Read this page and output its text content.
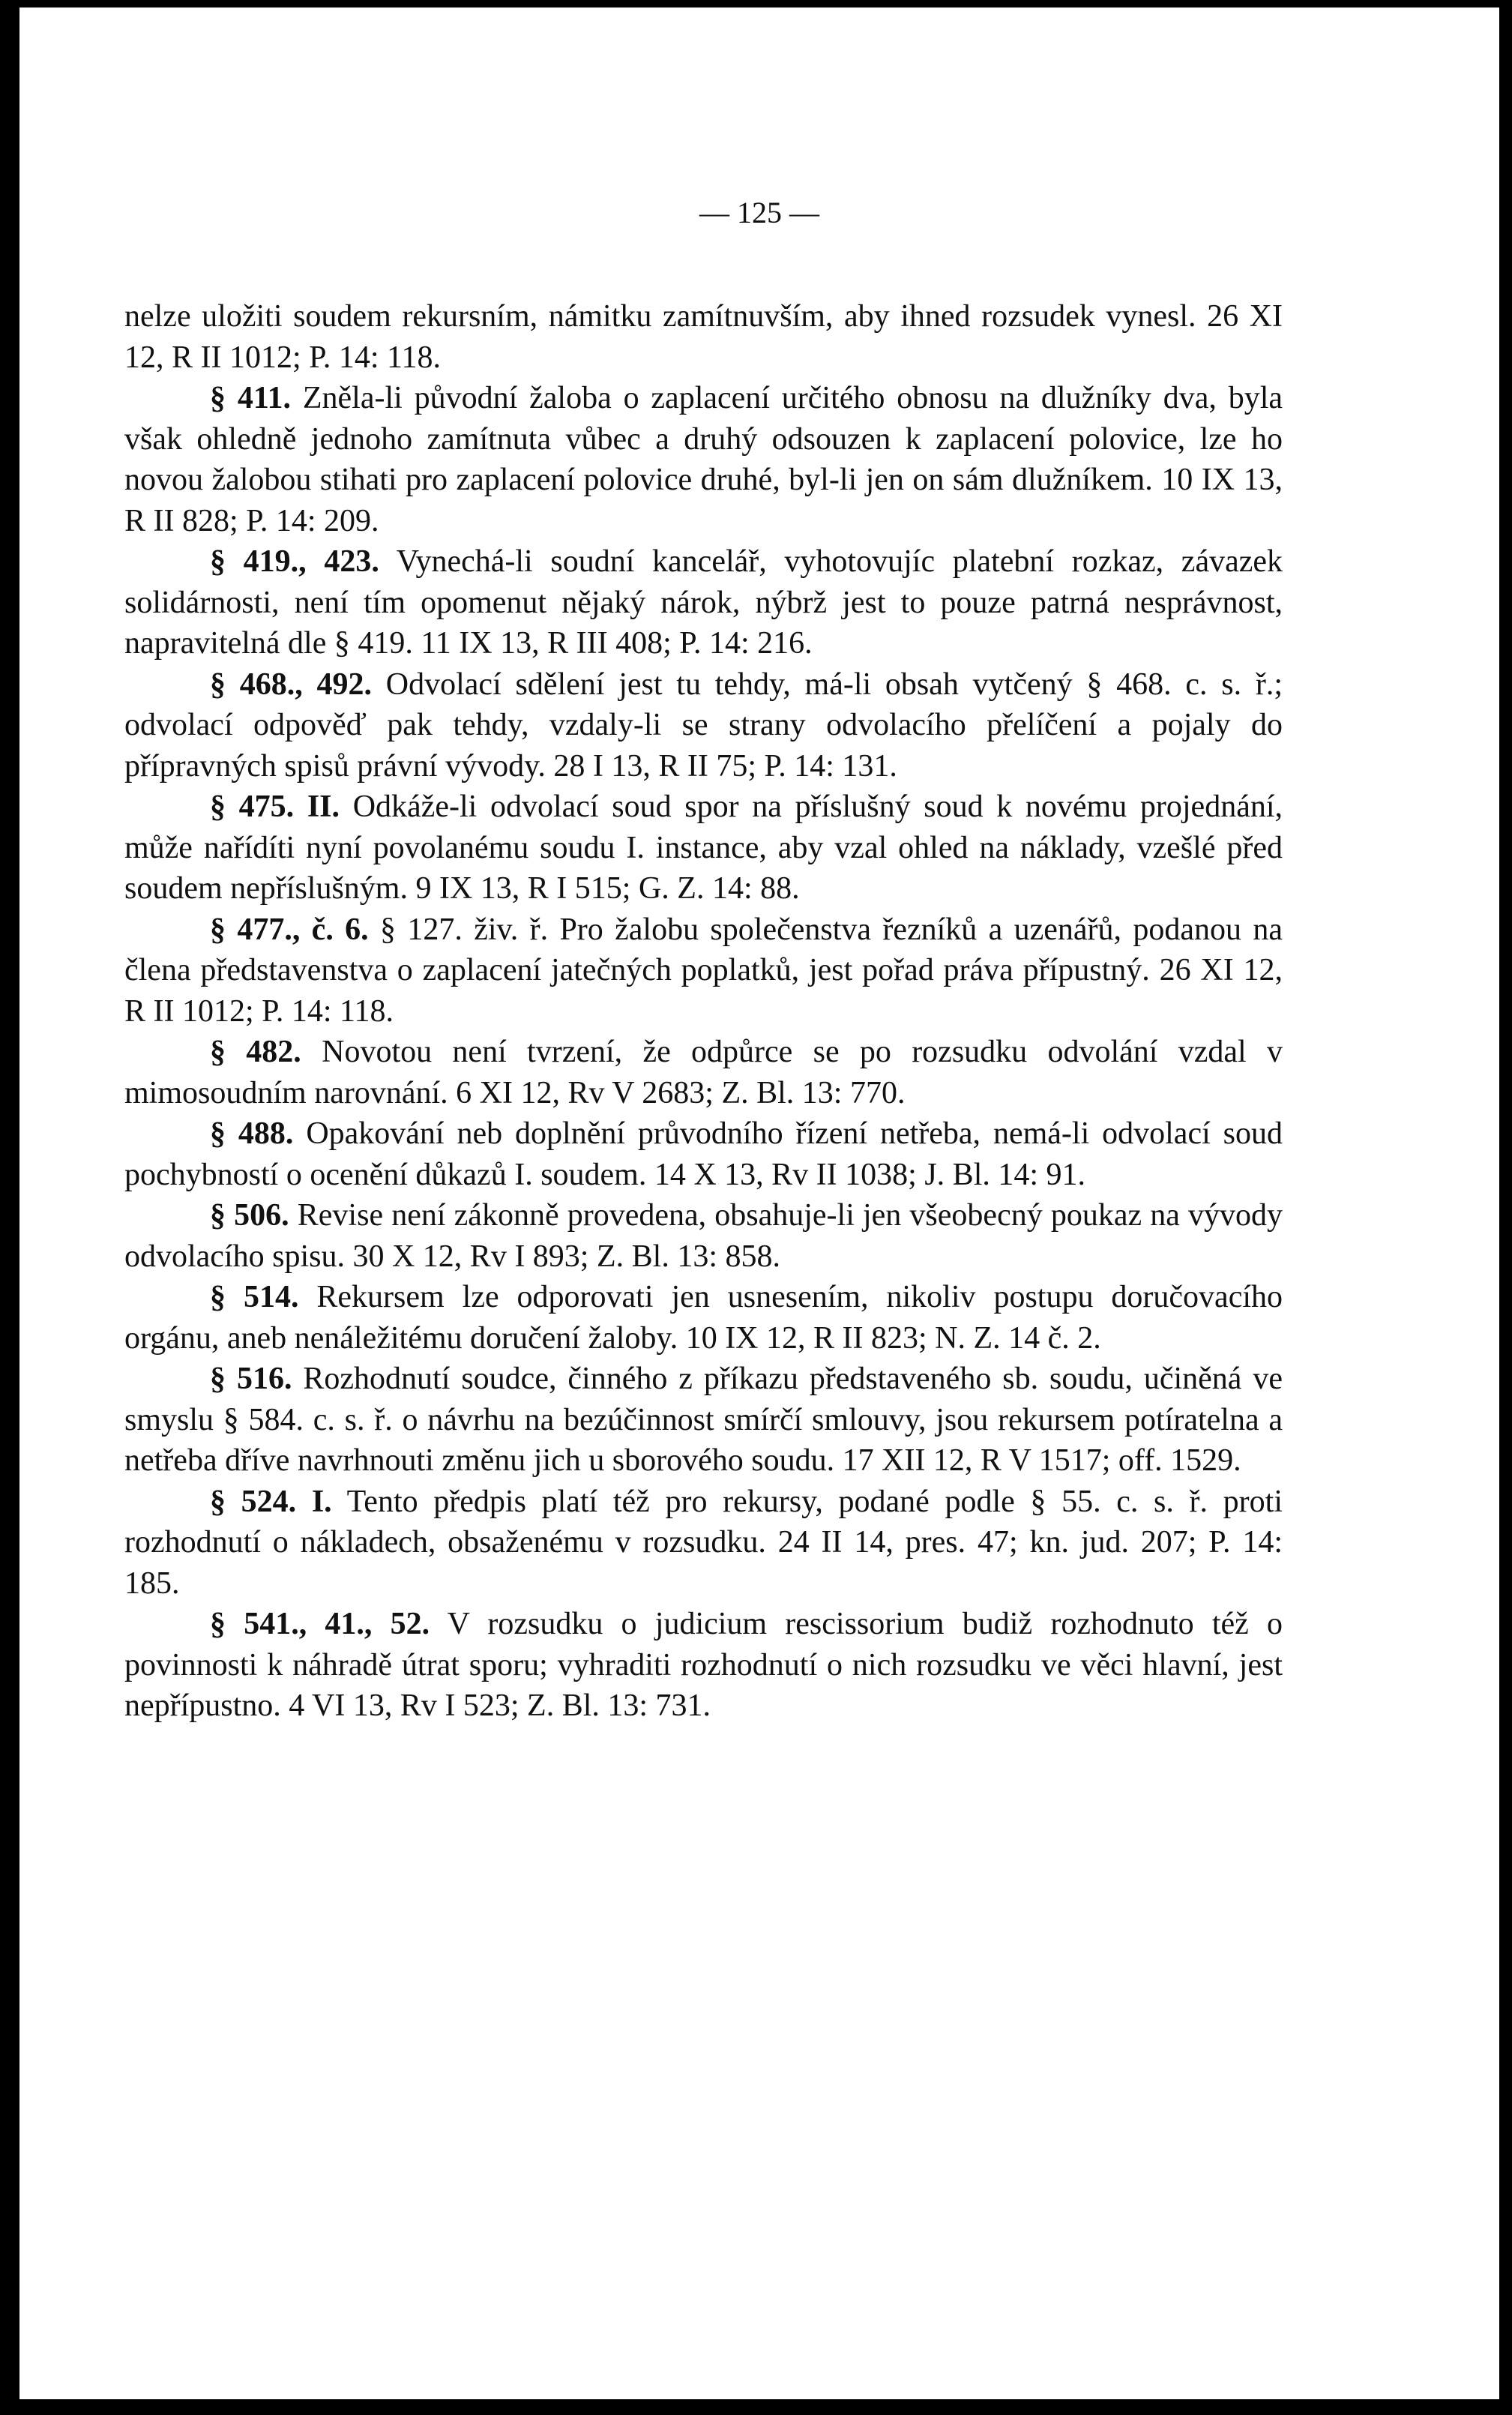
— 125 —

nelze uložiti soudem rekursním, námitku zamítnuvším, aby ihned rozsudek vynesl. 26 XI 12, R II 1012; P. 14: 118.

§ 411. Zněla-li původní žaloba o zaplacení určitého obnosu na dlužníky dva, byla však ohledně jednoho zamítnuta vůbec a druhý odsouzen k zaplacení polovice, lze ho novou žalobou stihati pro zaplacení polovice druhé, byl-li jen on sám dlužníkem. 10 IX 13, R II 828; P. 14: 209.

§ 419., 423. Vynechá-li soudní kancelář, vyhotovujíc platební rozkaz, závazek solidárnosti, není tím opomenut nějaký nárok, nýbrž jest to pouze patrná nesprávnost, napravitelná dle § 419. 11 IX 13, R III 408; P. 14: 216.

§ 468., 492. Odvolací sdělení jest tu tehdy, má-li obsah vytčený § 468. c. s. ř.; odvolací odpověď pak tehdy, vzdaly-li se strany odvolacího přelíčení a pojaly do přípravných spisů právní vývody. 28 I 13, R II 75; P. 14: 131.

§ 475. II. Odkáže-li odvolací soud spor na příslušný soud k novému projednání, může nařídíti nyní povolanému soudu I. instance, aby vzal ohled na náklady, vzešlé před soudem nepříslušným. 9 IX 13, R I 515; G. Z. 14: 88.

§ 477., č. 6. § 127. živ. ř. Pro žalobu společenstva řezníků a uzenářů, podanou na člena představenstva o zaplacení jatečných poplatků, jest pořad práva přípustný. 26 XI 12, R II 1012; P. 14: 118.

§ 482. Novotou není tvrzení, že odpůrce se po rozsudku odvolání vzdal v mimosoudním narovnání. 6 XI 12, Rv V 2683; Z. Bl. 13: 770.

§ 488. Opakování neb doplnění průvodního řízení netřeba, nemá-li odvolací soud pochybností o ocenění důkazů I. soudem. 14 X 13, Rv II 1038; J. Bl. 14: 91.

§ 506. Revise není zákonně provedena, obsahuje-li jen všeobecný poukaz na vývody odvolacího spisu. 30 X 12, Rv I 893; Z. Bl. 13: 858.

§ 514. Rekursem lze odporovati jen usnesením, nikoliv postupu doručovacího orgánu, aneb nenáležitému doručení žaloby. 10 IX 12, R II 823; N. Z. 14 č. 2.

§ 516. Rozhodnutí soudce, činného z příkazu představeného sb. soudu, učiněná ve smyslu § 584. c. s. ř. o návrhu na bezúčinnost smírčí smlouvy, jsou rekursem potíratelna a netřeba dříve navrhnouti změnu jich u sborového soudu. 17 XII 12, R V 1517; off. 1529.

§ 524. I. Tento předpis platí též pro rekursy, podané podle § 55. c. s. ř. proti rozhodnutí o nákladech, obsaženému v rozsudku. 24 II 14, pres. 47; kn. jud. 207; P. 14: 185.

§ 541., 41., 52. V rozsudku o judicium rescissorium budiž rozhodnuto též o povinnosti k náhradě útrat sporu; vyhraditi rozhodnutí o nich rozsudku ve věci hlavní, jest nepřípustno. 4 VI 13, Rv I 523; Z. Bl. 13: 731.
